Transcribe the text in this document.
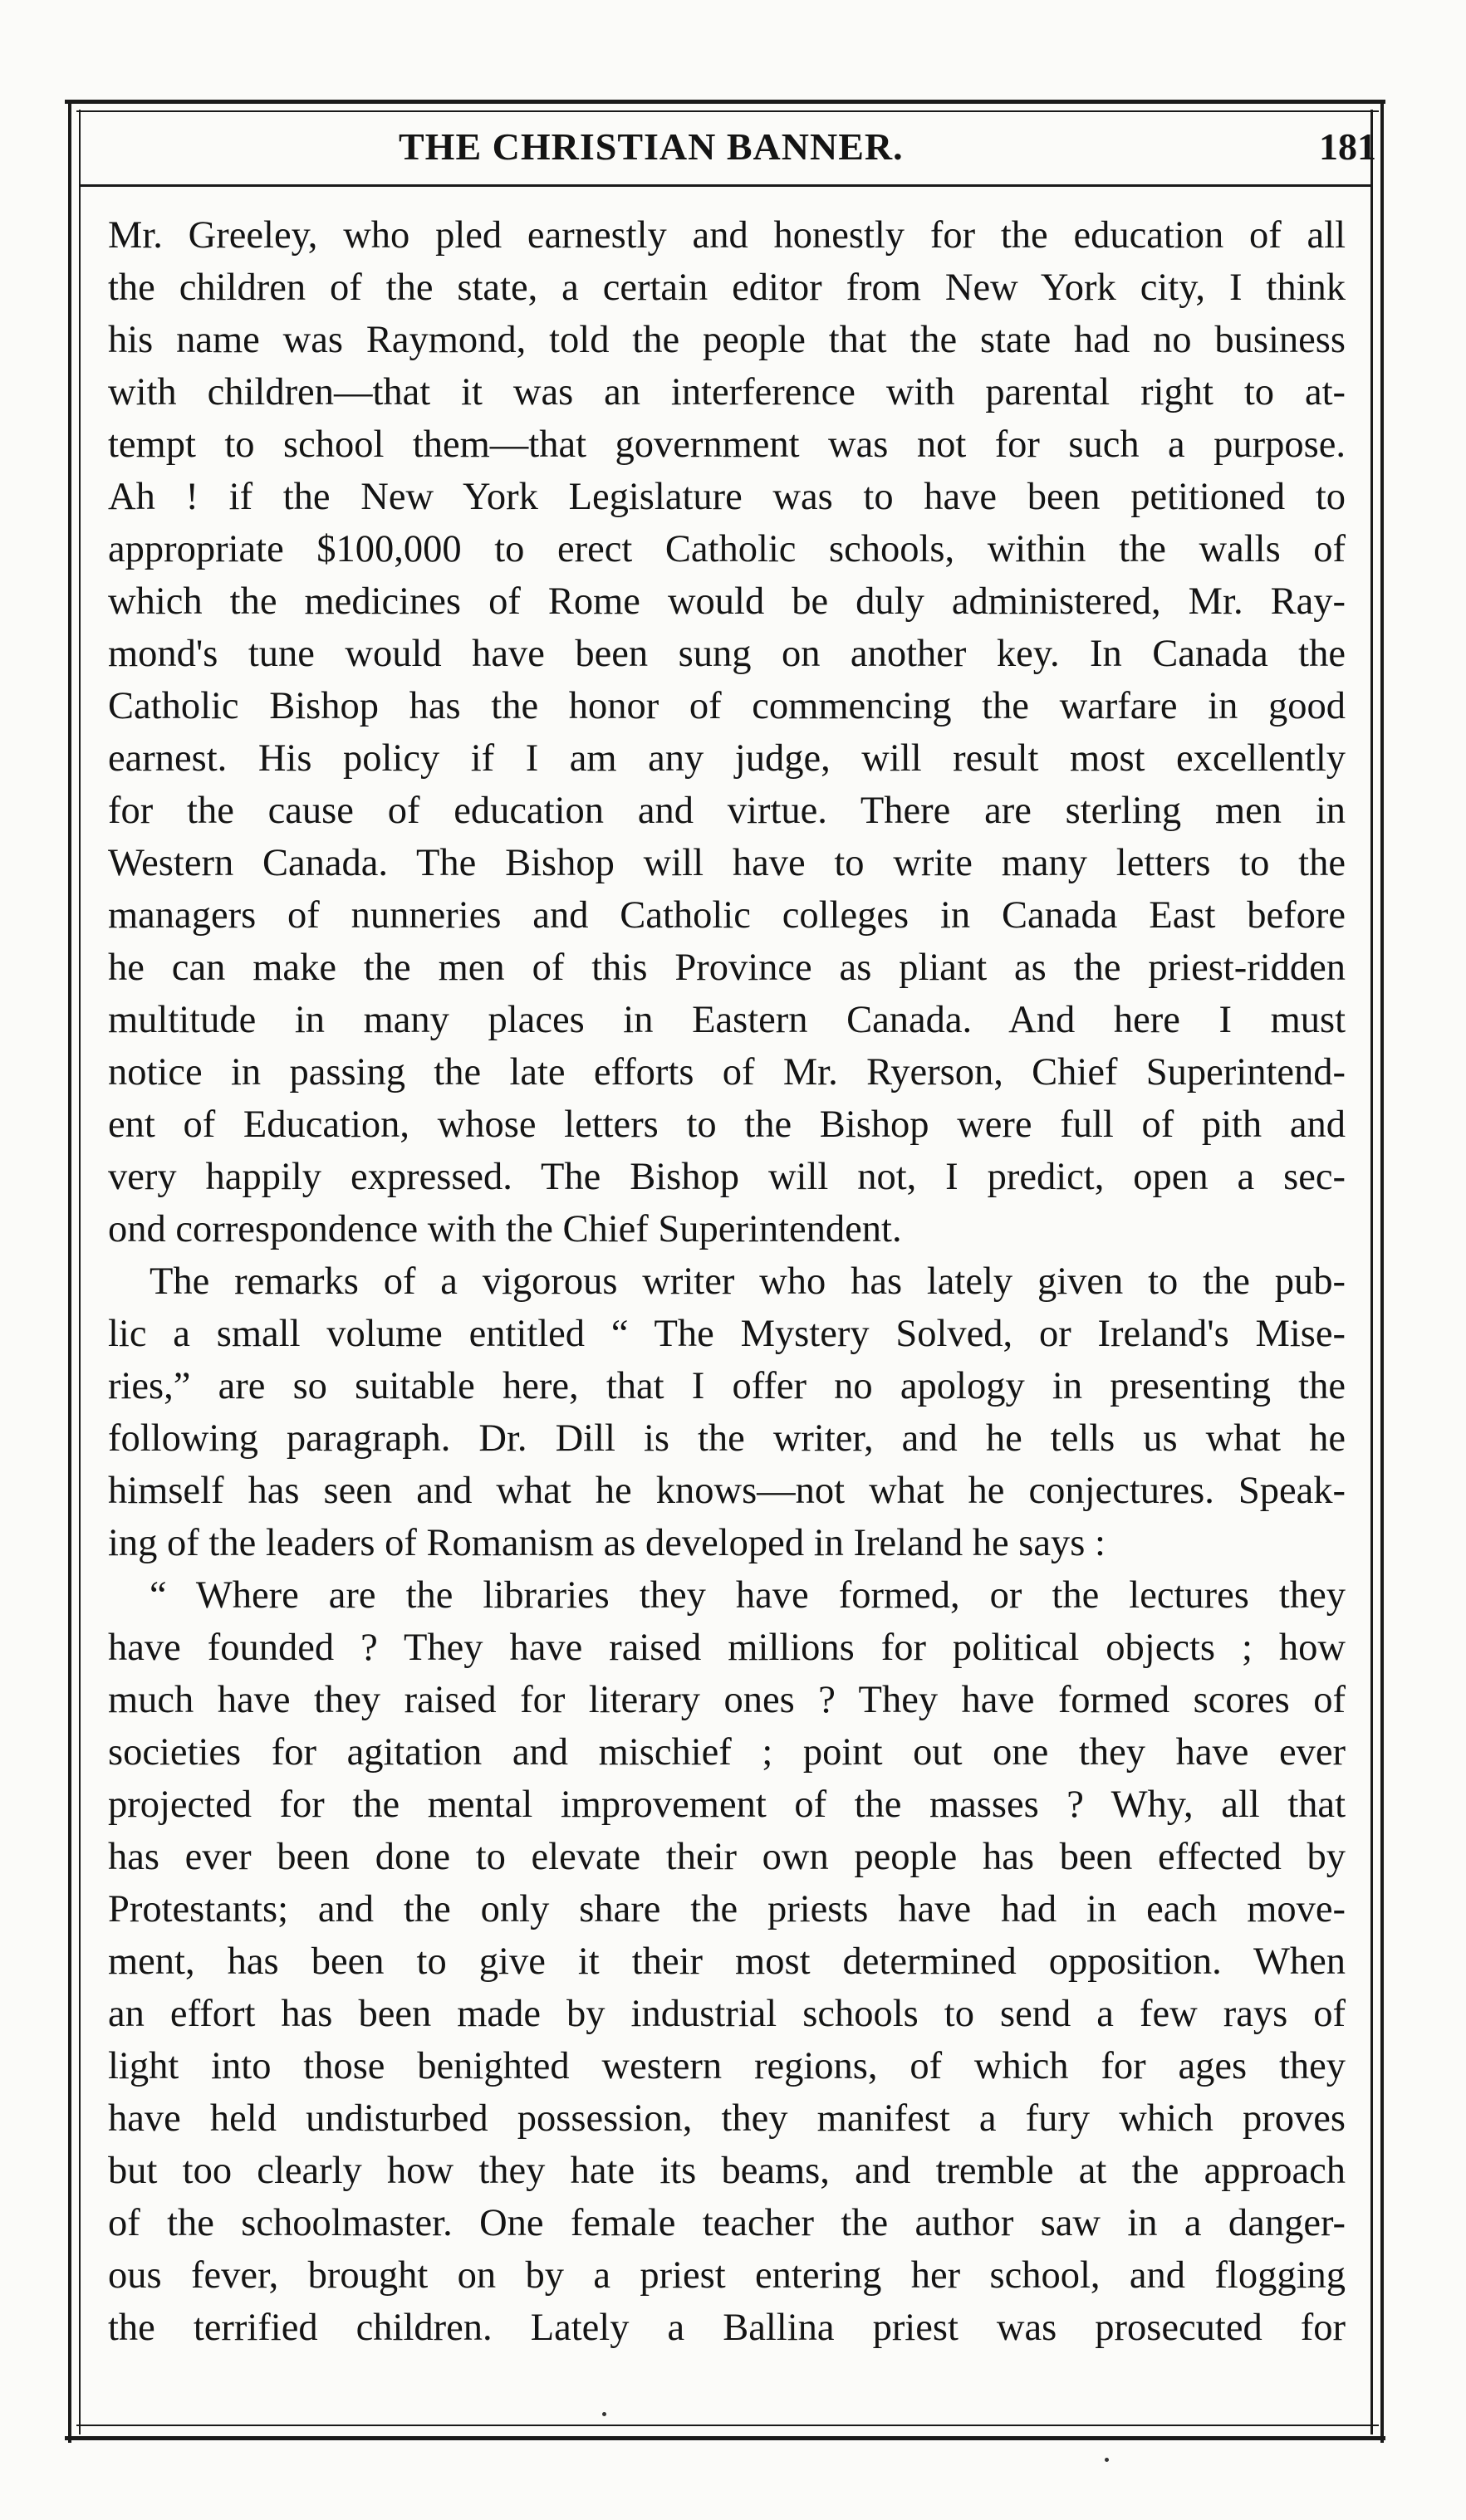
THE CHRISTIAN BANNER.	181
Mr. Greeley, who pled earnestly and honestly for the education of all
the children of the state, a certain editor from New York city, I think
his name was Raymond, told the people that the state had no business
with children—that it was an interference with parental right to at-
tempt to school them—that government was not for such a purpose.
Ah ! if the New York Legislature was to have been petitioned to
appropriate $100,000 to erect Catholic schools, within the walls of
which the medicines of Rome would be duly administered, Mr. Ray-
mond's tune would have been sung on another key. In Canada the
Catholic Bishop has the honor of commencing the warfare in good
earnest. His policy if I am any judge, will result most excellently
for the cause of education and virtue. There are sterling men in
Western Canada. The Bishop will have to write many letters to the
managers of nunneries and Catholic colleges in Canada East before
he can make the men of this Province as pliant as the priest-ridden
multitude in many places in Eastern Canada. And here I must
notice in passing the late efforts of Mr. Ryerson, Chief Superintend-
ent of Education, whose letters to the Bishop were full of pith and
very happily expressed. The Bishop will not, I predict, open a sec-
ond correspondence with the Chief Superintendent.
The remarks of a vigorous writer who has lately given to the pub-
lic a small volume entitled “ The Mystery Solved, or Ireland's Mise-
ries,” are so suitable here, that I offer no apology in presenting the
following paragraph. Dr. Dill is the writer, and he tells us what he
himself has seen and what he knows—not what he conjectures. Speak-
ing of the leaders of Romanism as developed in Ireland he says :
“ Where are the libraries they have formed, or the lectures they
have founded ? They have raised millions for political objects ; how
much have they raised for literary ones ? They have formed scores of
societies for agitation and mischief ; point out one they have ever
projected for the mental improvement of the masses ? Why, all that
has ever been done to elevate their own people has been effected by
Protestants; and the only share the priests have had in each move-
ment, has been to give it their most determined opposition. When
an effort has been made by industrial schools to send a few rays of
light into those benighted western regions, of which for ages they
have held undisturbed possession, they manifest a fury which proves
but too clearly how they hate its beams, and tremble at the approach
of the schoolmaster. One female teacher the author saw in a danger-
ous fever, brought on by a priest entering her school, and flogging
the terrified children. Lately a Ballina priest was prosecuted for
